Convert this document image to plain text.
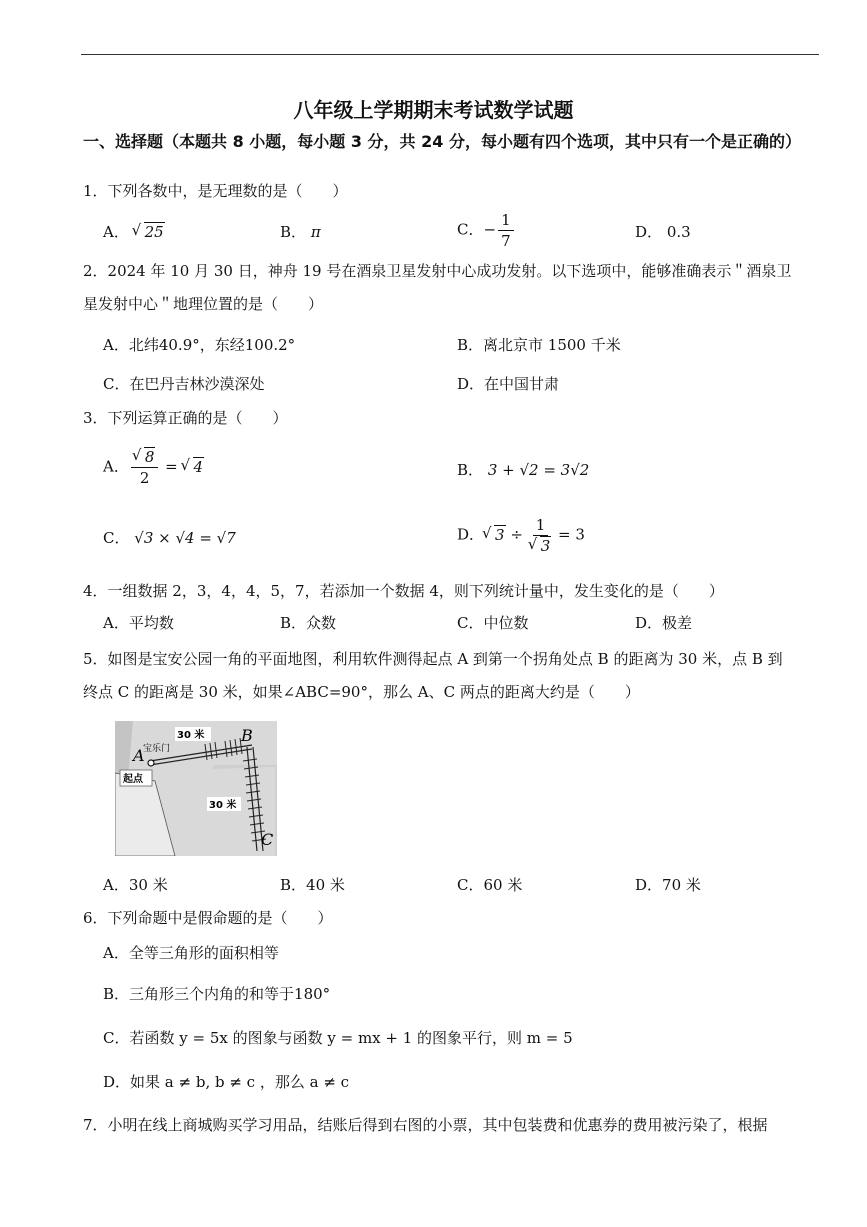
八年级上学期期末考试数学试题
一、选择题（本题共 8 小题，每小题 3 分，共 24 分，每小题有四个选项，其中只有一个是正确的）
1．下列各数中，是无理数的是（　　）
A． √ 25	B． π	C．− $\frac{1}{7}$	D． 0.3
2．2024 年 10 月 30 日，神舟 19 号在酒泉卫星发射中心成功发射。以下选项中，能够准确表示＂酒泉卫
星发射中心＂地理位置的是（　　）
A．北纬40.9°，东经100.2°	B．离北京市 1500 千米
C．在巴丹吉林沙漠深处	D．在中国甘肃
3．下列运算正确的是（　　）
A． √ $\frac{8}{2}$ = √ 4	B． 3 + √2 = 3√2
C． √3 × √4 = √7	D． √ 3 ÷ 1
√ 3 = 3
4．一组数据 2，3，4，4，5，7，若添加一个数据 4，则下列统计量中，发生变化的是（　　）
A．平均数	B．众数	C．中位数	D．极差
5．如图是宝安公园一角的平面地图，利用软件测得起点 A 到第一个拐角处点 B 的距离为 30 米，点 B 到
终点 C 的距离是 30 米，如果∠ABC=90°，那么 A、C 两点的距离大约是（　　）
30 米
30 米
A
宝乐门
B
C
起点
A．30 米	B．40 米	C．60 米	D．70 米
6．下列命题中是假命题的是（　　）
A．全等三角形的面积相等
B．三角形三个内角的和等于180°
C．若函数 y = 5x 的图象与函数 y = mx + 1 的图象平行，则 m = 5
D．如果 a ≠ b, b ≠ c ，那么 a ≠ c
7．小明在线上商城购买学习用品，结账后得到右图的小票，其中包装费和优惠券的费用被污染了，根据
